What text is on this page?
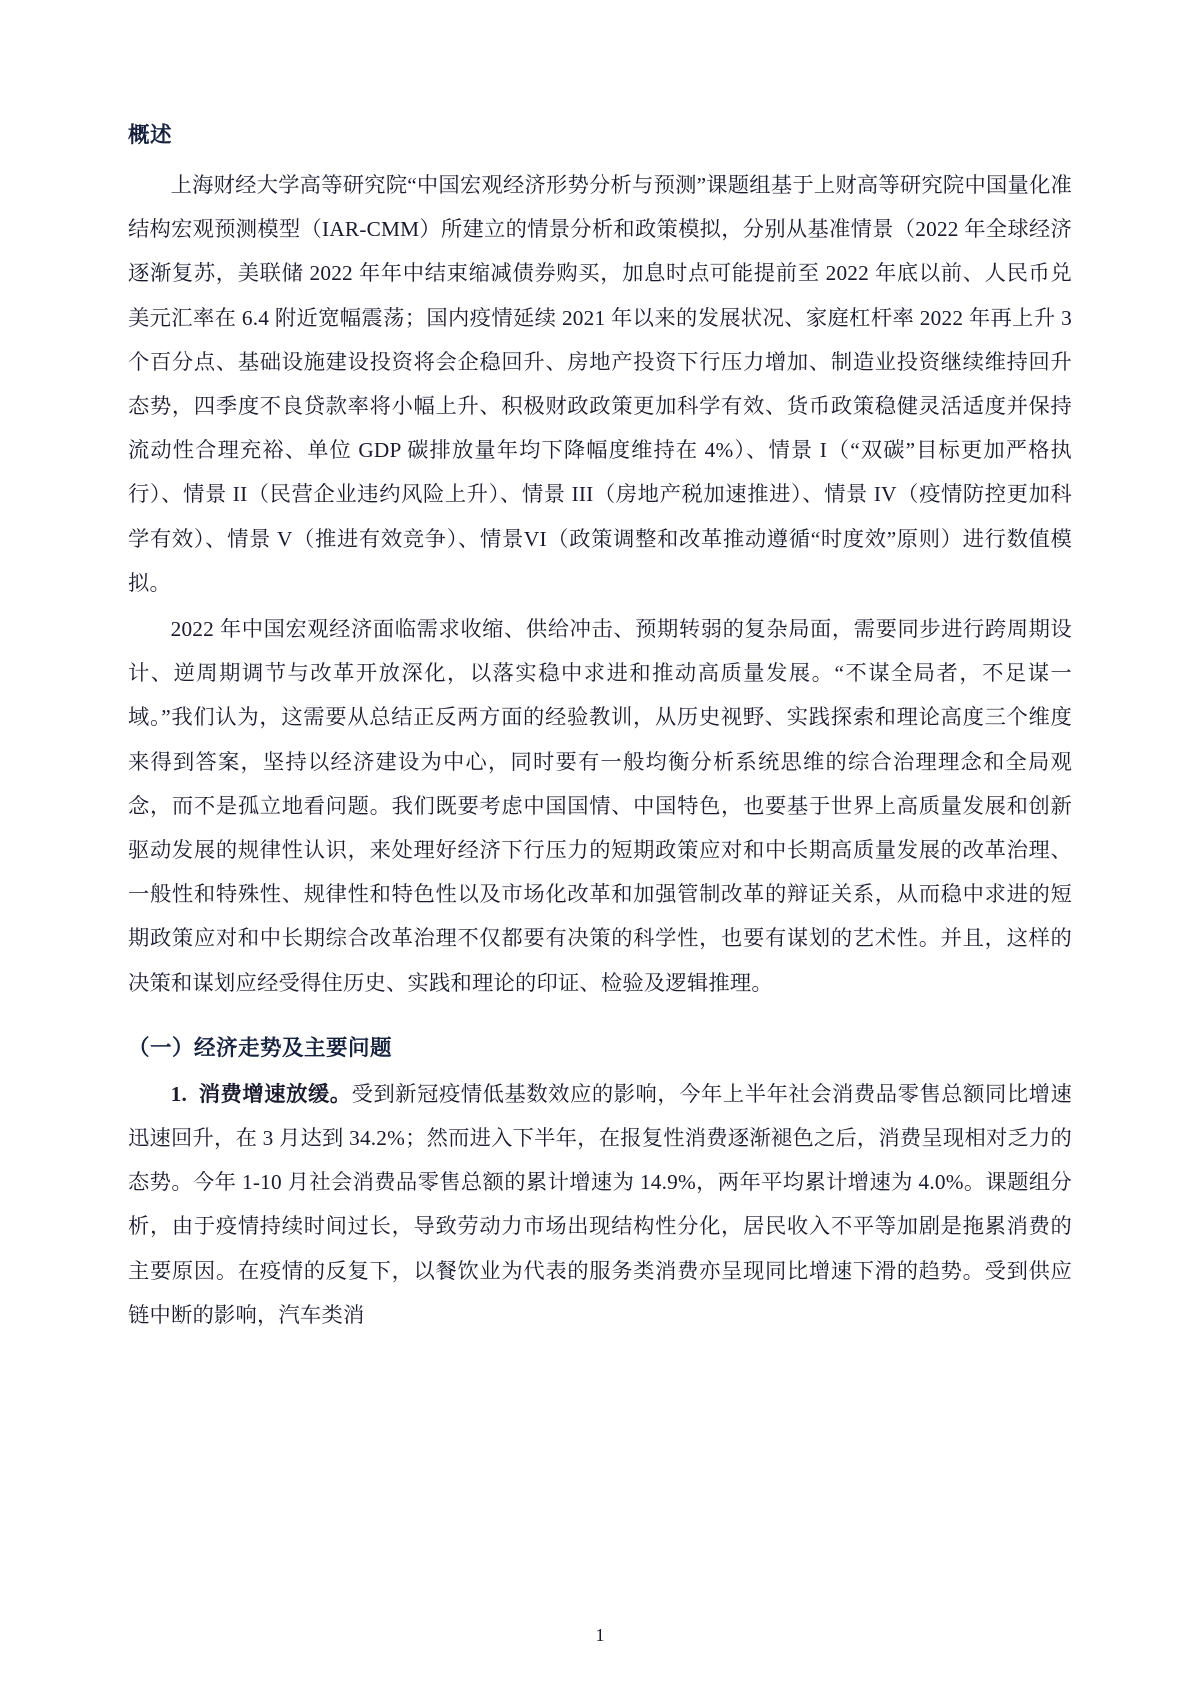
概述

上海财经大学高等研究院“中国宏观经济形势分析与预测”课题组基于上财高等研究院中国量化准结构宏观预测模型（IAR-CMM）所建立的情景分析和政策模拟，分别从基准情景（2022 年全球经济逐渐复苏，美联储 2022 年年中结束缩减债券购买，加息时点可能提前至 2022 年底以前、人民币兑美元汇率在 6.4 附近宽幅震荡；国内疫情延续 2021 年以来的发展状况、家庭杠杆率 2022 年再上升 3 个百分点、基础设施建设投资将会企稳回升、房地产投资下行压力增加、制造业投资继续维持回升态势，四季度不良贷款率将小幅上升、积极财政政策更加科学有效、货币政策稳健灵活适度并保持流动性合理充裕、单位 GDP 碳排放量年均下降幅度维持在 4%）、情景 I（“双碳”目标更加严格执行）、情景 II（民营企业违约风险上升）、情景 III（房地产税加速推进）、情景 IV（疫情防控更加科学有效）、情景 V（推进有效竞争）、情景VI（政策调整和改革推动遵循“时度效”原则）进行数值模拟。

2022 年中国宏观经济面临需求收缩、供给冲击、预期转弱的复杂局面，需要同步进行跨周期设计、逆周期调节与改革开放深化，以落实稳中求进和推动高质量发展。“不谋全局者，不足谋一域。”我们认为，这需要从总结正反两方面的经验教训，从历史视野、实践探索和理论高度三个维度来得到答案，坚持以经济建设为中心，同时要有一般均衡分析系统思维的综合治理理念和全局观念，而不是孤立地看问题。我们既要考虑中国国情、中国特色，也要基于世界上高质量发展和创新驱动发展的规律性认识，来处理好经济下行压力的短期政策应对和中长期高质量发展的改革治理、一般性和特殊性、规律性和特色性以及市场化改革和加强管制改革的辩证关系，从而稳中求进的短期政策应对和中长期综合改革治理不仅都要有决策的科学性，也要有谋划的艺术性。并且，这样的决策和谋划应经受得住历史、实践和理论的印证、检验及逻辑推理。

（一）经济走势及主要问题

1. 消费增速放缓。受到新冠疫情低基数效应的影响，今年上半年社会消费品零售总额同比增速迅速回升，在 3 月达到 34.2%；然而进入下半年，在报复性消费逐渐褪色之后，消费呈现相对乏力的态势。今年 1-10 月社会消费品零售总额的累计增速为 14.9%，两年平均累计增速为 4.0%。课题组分析，由于疫情持续时间过长，导致劳动力市场出现结构性分化，居民收入不平等加剧是拖累消费的主要原因。在疫情的反复下，以餐饮业为代表的服务类消费亦呈现同比增速下滑的趋势。受到供应链中断的影响，汽车类消

1
